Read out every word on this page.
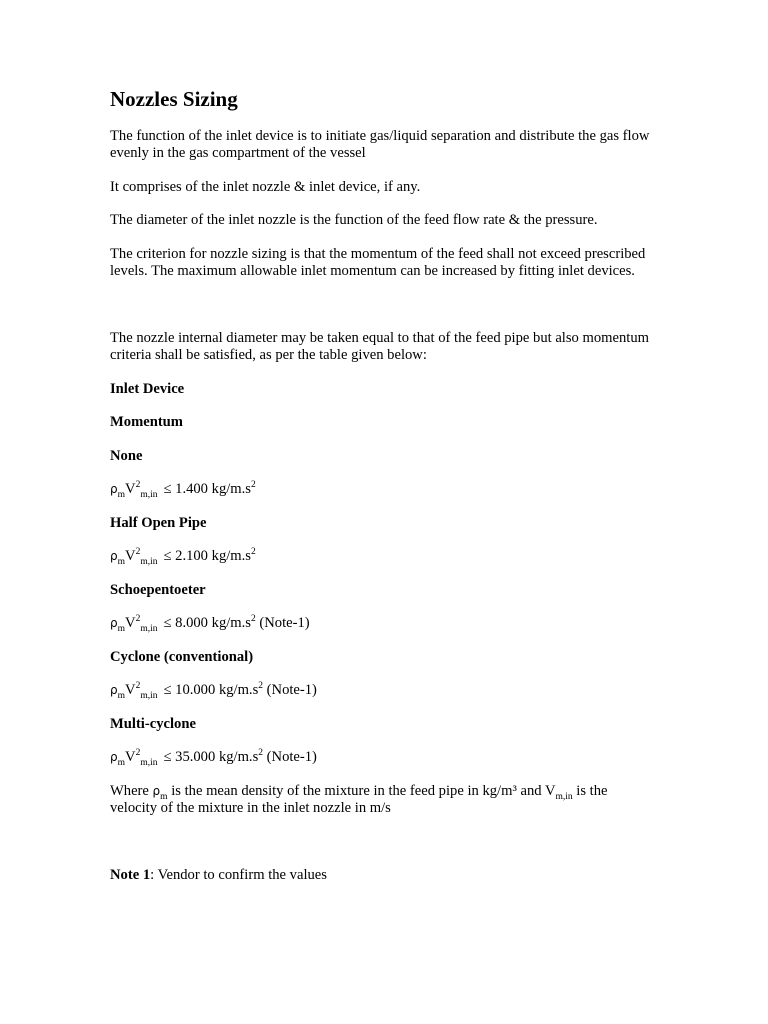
Nozzles Sizing

The function of the inlet device is to initiate gas/liquid separation and distribute the gas flow evenly in the gas compartment of the vessel

It comprises of the inlet nozzle & inlet device, if any.

The diameter of the inlet nozzle is the function of the feed flow rate & the pressure.

The criterion for nozzle sizing is that the momentum of the feed shall not exceed prescribed levels. The maximum allowable inlet momentum can be increased by fitting inlet devices.

The nozzle internal diameter may be taken equal to that of the feed pipe but also momentum criteria shall be satisfied, as per the table given below:

Inlet Device

Momentum

None

$\rho_mV^2_{m,in} \le 1.400$ $kg/m.s^2$

Half Open Pipe

$\rho_mV^2_{m,in} \le 2.100$ $kg/m.s^2$

Schoepentoeter

$\rho_mV^2_{m,in} \le 8.000$ $kg/m.s^2$ (Note-1)

Cyclone (conventional)

$\rho_mV^2_{m,in} \le 10.000$ $kg/m.s^2$ (Note-1)

Multi-cyclone

$\rho_mV^2_{m,in} \le 35.000$ $kg/m.s^2$ (Note-1)

Where $\rho_m$ is the mean density of the mixture in the feed pipe in kg/m³ and $V_{m,in}$ is the velocity of the mixture in the inlet nozzle in m/s

Note 1: Vendor to confirm the values
